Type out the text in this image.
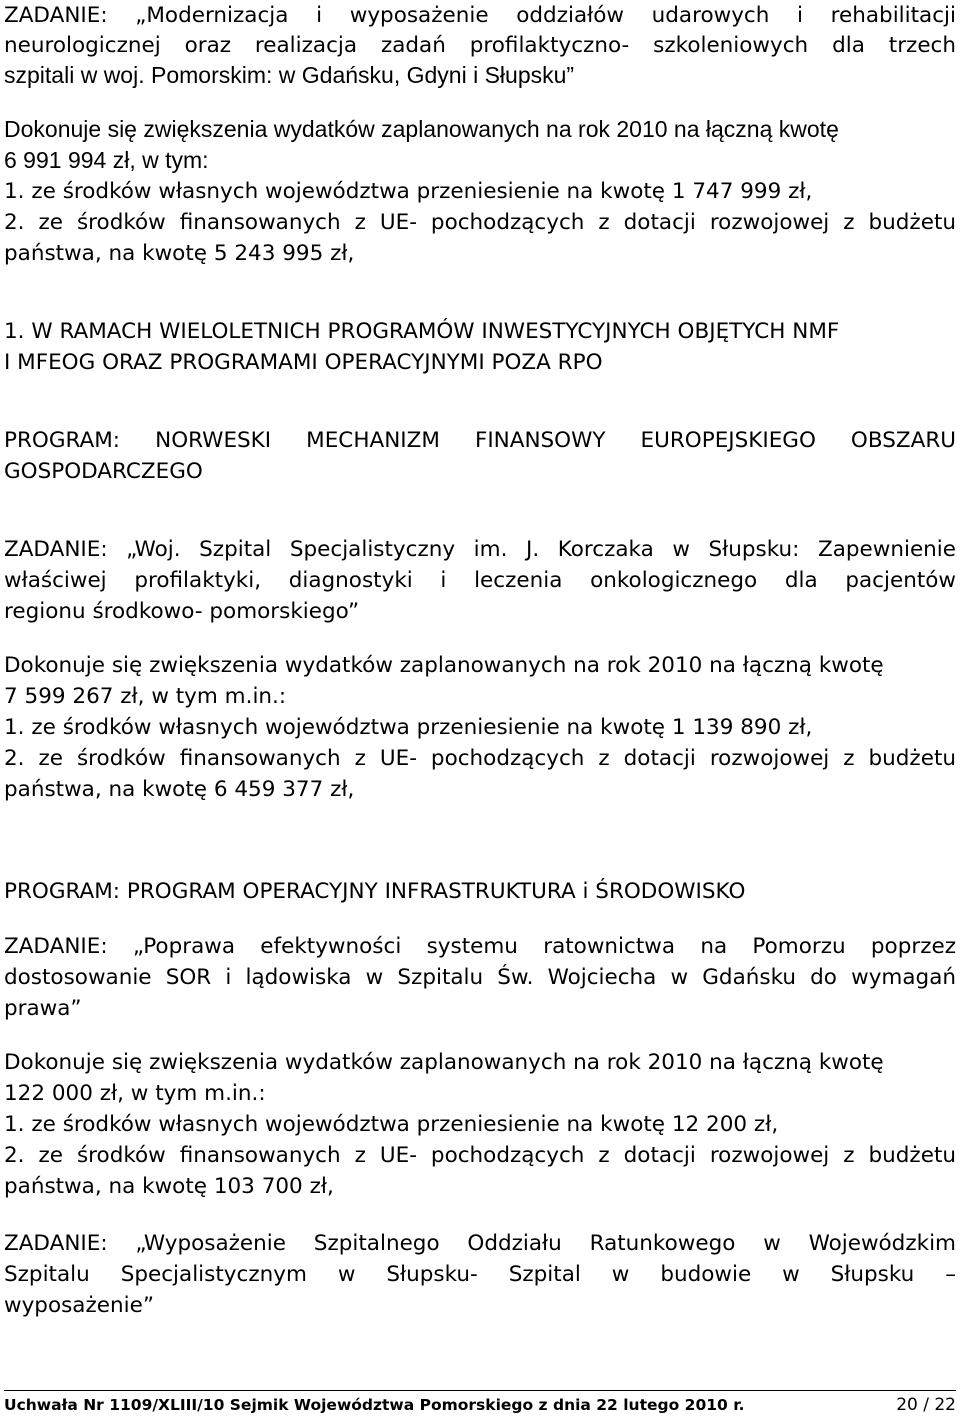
ZADANIE: „Modernizacja i wyposażenie oddziałów udarowych i rehabilitacji
neurologicznej oraz realizacja zadań profilaktyczno- szkoleniowych dla trzech
szpitali w woj. Pomorskim: w Gdańsku, Gdyni i Słupsku”
Dokonuje się zwiększenia wydatków zaplanowanych na rok 2010 na łączną kwotę
6 991 994 zł, w tym:
1. ze środków własnych województwa przeniesienie na kwotę 1 747 999 zł,
2. ze środków finansowanych z UE- pochodzących z dotacji rozwojowej z budżetu
państwa, na kwotę 5 243 995 zł,
1. W RAMACH WIELOLETNICH PROGRAMÓW INWESTYCYJNYCH OBJĘTYCH NMF
I MFEOG ORAZ PROGRAMAMI OPERACYJNYMI POZA RPO
PROGRAM: NORWESKI MECHANIZM FINANSOWY EUROPEJSKIEGO OBSZARU
GOSPODARCZEGO
ZADANIE: „Woj. Szpital Specjalistyczny im. J. Korczaka w Słupsku: Zapewnienie
właściwej profilaktyki, diagnostyki i leczenia onkologicznego dla pacjentów
regionu środkowo- pomorskiego”
Dokonuje się zwiększenia wydatków zaplanowanych na rok 2010 na łączną kwotę
7 599 267 zł, w tym m.in.:
1. ze środków własnych województwa przeniesienie na kwotę 1 139 890 zł,
2. ze środków finansowanych z UE- pochodzących z dotacji rozwojowej z budżetu
państwa, na kwotę 6 459 377 zł,
PROGRAM: PROGRAM OPERACYJNY INFRASTRUKTURA i ŚRODOWISKO
ZADANIE: „Poprawa efektywności systemu ratownictwa na Pomorzu poprzez
dostosowanie SOR i lądowiska w Szpitalu Św. Wojciecha w Gdańsku do wymagań
prawa”
Dokonuje się zwiększenia wydatków zaplanowanych na rok 2010 na łączną kwotę
122 000 zł, w tym m.in.:
1. ze środków własnych województwa przeniesienie na kwotę 12 200 zł,
2. ze środków finansowanych z UE- pochodzących z dotacji rozwojowej z budżetu
państwa, na kwotę 103 700 zł,
ZADANIE: „Wyposażenie Szpitalnego Oddziału Ratunkowego w Wojewódzkim
Szpitalu Specjalistycznym w Słupsku- Szpital w budowie w Słupsku –
wyposażenie”
Uchwała Nr 1109/XLIII/10 Sejmik Województwa Pomorskiego z dnia 22 lutego 2010 r.	20 / 22
